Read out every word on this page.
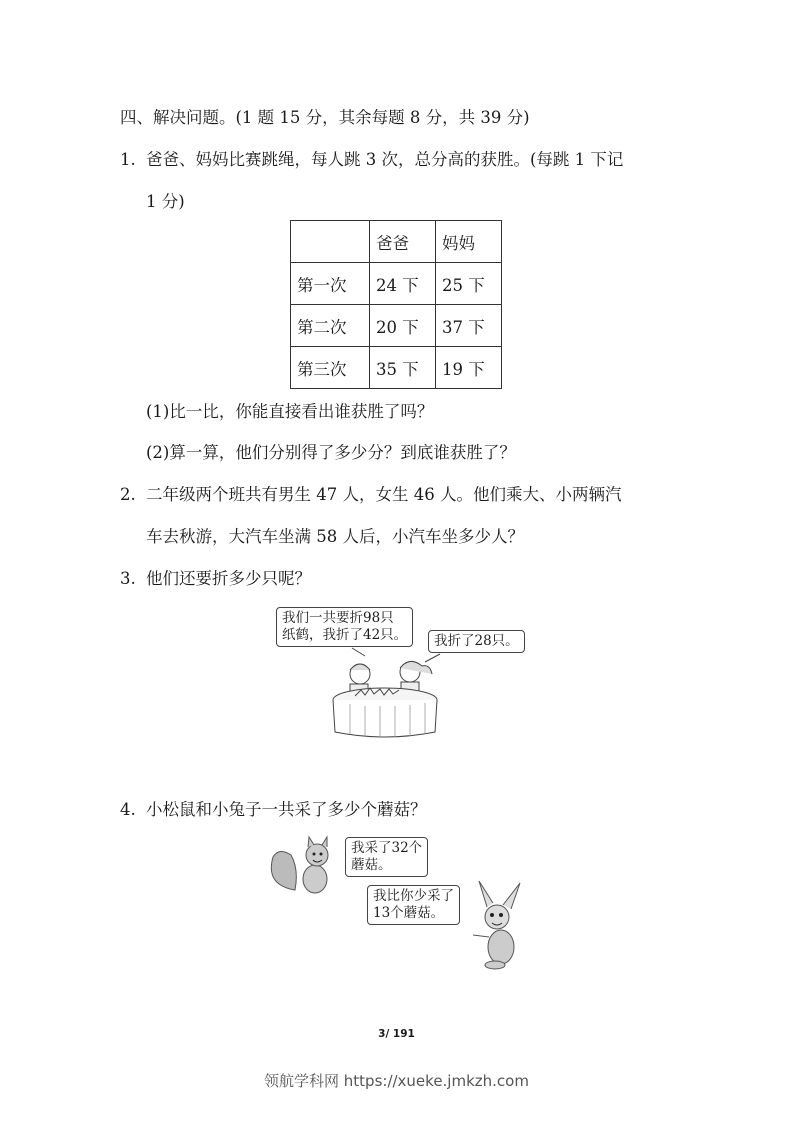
四、解决问题。(1 题 15 分，其余每题 8 分，共 39 分)
1. 爸爸、妈妈比赛跳绳，每人跳 3 次，总分高的获胜。(每跳 1 下记
1 分)
	爸爸	妈妈
第一次	24 下	25 下
第二次	20 下	37 下
第三次	35 下	19 下
(1)比一比，你能直接看出谁获胜了吗？
(2)算一算，他们分别得了多少分？到底谁获胜了？
2. 二年级两个班共有男生 47 人，女生 46 人。他们乘大、小两辆汽
车去秋游，大汽车坐满 58 人后，小汽车坐多少人？
3. 他们还要折多少只呢？
我们一共要折98只
纸鹤，我折了42只。	我折了28只。
4. 小松鼠和小兔子一共采了多少个蘑菇？
我采了32个
蘑菇。
我比你少采了
13个蘑菇。
3/ 191
领航学科网 https://xueke.jmkzh.com
